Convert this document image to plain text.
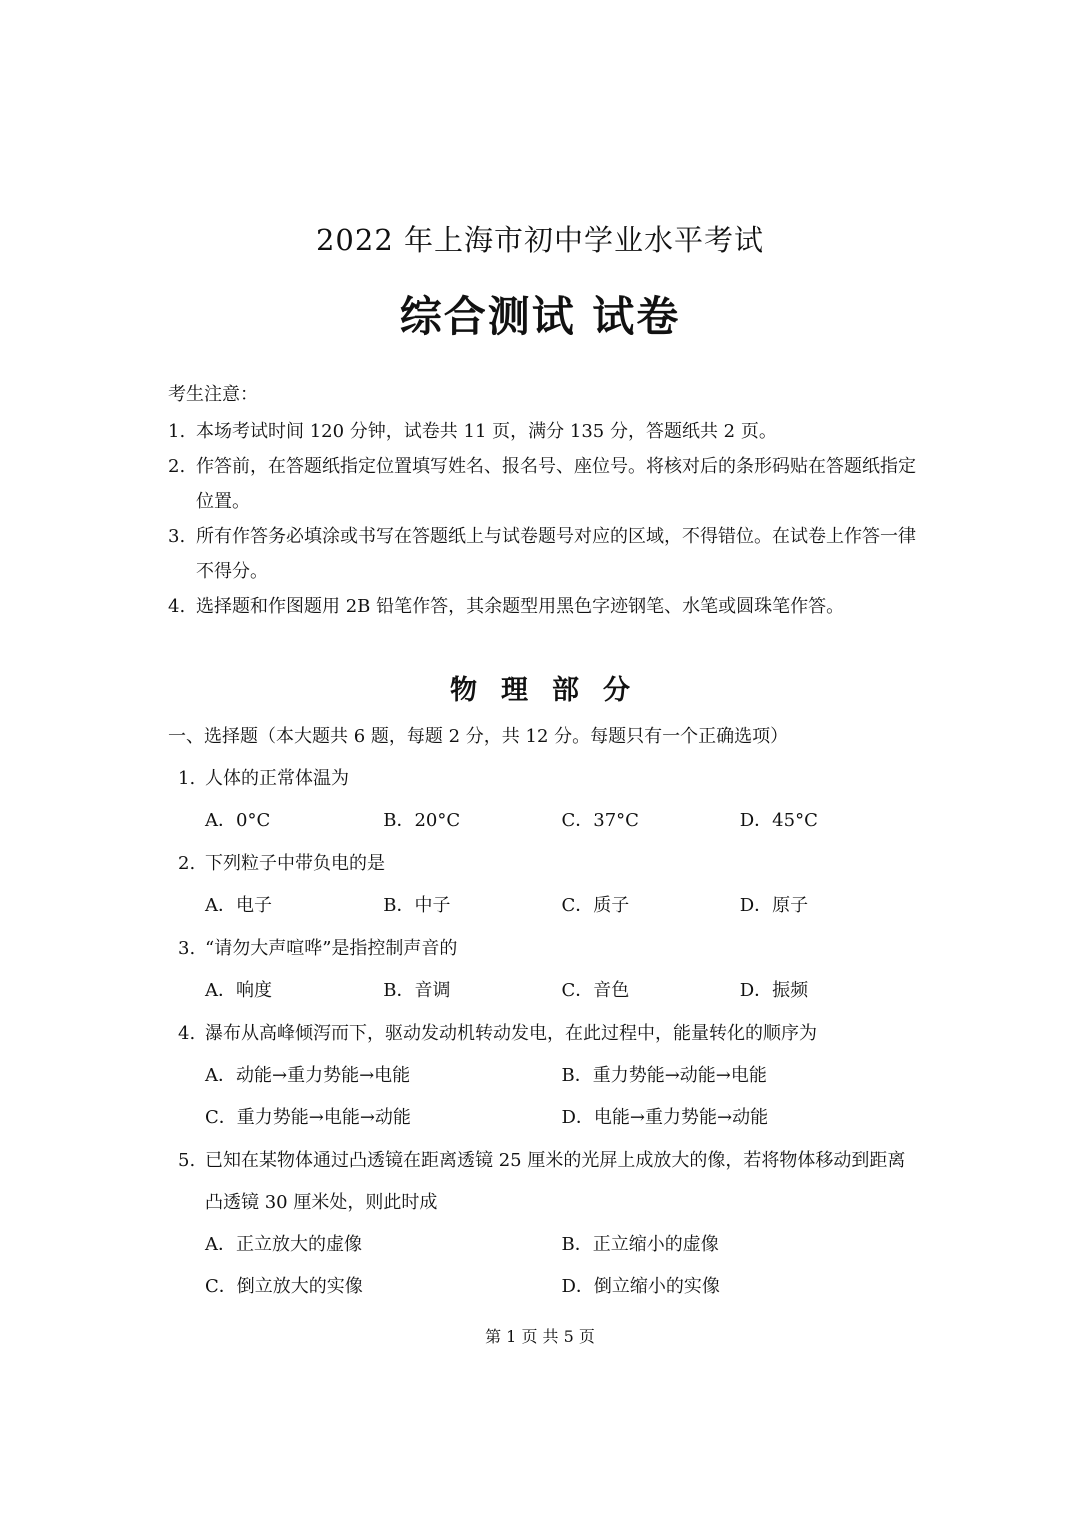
2022 年上海市初中学业水平考试
综合测试 试卷
考生注意：
1. 本场考试时间 120 分钟，试卷共 11 页，满分 135 分，答题纸共 2 页。
2. 作答前，在答题纸指定位置填写姓名、报名号、座位号。将核对后的条形码贴在答题纸指定位置。
3. 所有作答务必填涂或书写在答题纸上与试卷题号对应的区域，不得错位。在试卷上作答一律不得分。
4. 选择题和作图题用 2B 铅笔作答，其余题型用黑色字迹钢笔、水笔或圆珠笔作答。
物理部分
一、选择题（本大题共 6 题，每题 2 分，共 12 分。每题只有一个正确选项）
1. 人体的正常体温为
A．0°C	B．20°C	C．37°C	D．45°C
2. 下列粒子中带负电的是
A．电子	B．中子	C．质子	D．原子
3. “请勿大声喧哗”是指控制声音的
A．响度	B．音调	C．音色	D．振频
4. 瀑布从高峰倾泻而下，驱动发动机转动发电，在此过程中，能量转化的顺序为
A．动能→重力势能→电能	B．重力势能→动能→电能
C．重力势能→电能→动能	D．电能→重力势能→动能
5. 已知在某物体通过凸透镜在距离透镜 25 厘米的光屏上成放大的像，若将物体移动到距离凸透镜 30 厘米处，则此时成
A．正立放大的虚像	B．正立缩小的虚像
C．倒立放大的实像	D．倒立缩小的实像
第 1 页 共 5 页
